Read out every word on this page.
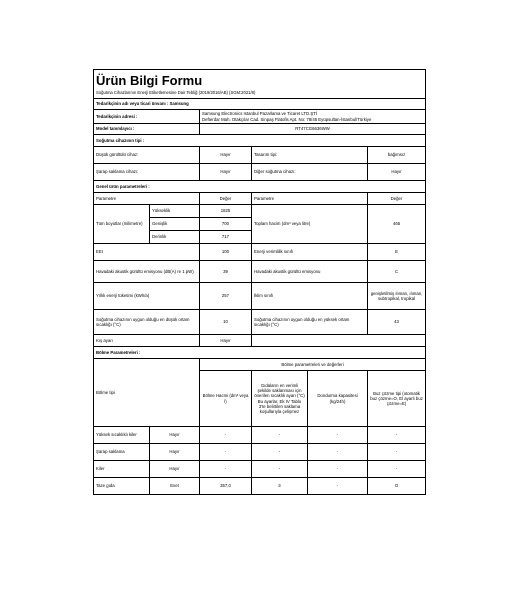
Ürün Bilgi Formu					
Soğutma Cihazlarının Enerji Etiketlemesine Dair Tebliğ (2019/2016/AB) (SGM:2021/8)					
Tedarikçinin adı veya ticari ünvanı : Samsung					
Tedarikçinin adresi :		Samsung Electronics Istanbul Pazarlama ve Ticaret LTD.ŞTİ
Defterdar Mah. Otakçılar Cad. Sinpaş Flatofis Apt. No: 78/46 Eyüpsultan-İstanbul/Türkiye			

Model tanımlayıcı :		RT47CG6636WW			
Soğutma cihazının tipi :					
Düşük gürültülü cihaz:		Hayır	Tasarım tipi:		bağımsız
Şarap saklama cihazı:		Hayır	Diğer soğutma cihazı:		Hayır
Genel ürün parametreleri :					
Parametre		Değer	Parametre		Değer
Tüm boyutlar (milimetre)	Yükseklik	1825	Toplam hacim (dm³ veya litre)		465
	Genişlik	700			
	Derinlik	717			
EEI		100	Enerji verimlilik sınıfı		E
Havadaki akustik gürültü emisyonu (dB(A) re 1 pW)		39	Havadaki akustik gürültü emisyonu		C
Yıllık enerji tüketimi (kWh/a)		257	İklim sınıfı		genişletilmiş ılıman, ılıman, subtropikal, tropikal
Soğutma cihazının uygun olduğu en düşük ortam sıcaklığı (°C)		10	Soğutma cihazının uygun olduğu en yüksek ortam sıcaklığı (°C)		43
Kış ayarı		Hayır			
Bölme Parametreleri :					
Bölme tipi		Bölme parametreleri ve değerleri			
		Bölme Hacmi (dm³ veya l)	Gıdaların en verimli şekilde saklanması için önerilen sıcaklık ayarı (°C) Bu ayarlar, Ek IV Tablo 3'te belirtilen saklama koşullarıyla çelişmez	Dondurma kapasitesi (kg/24h)	Buz çözme tipi (otomatik buz çözme=O, El ayarlı buz çözme=E)
Yüksek sıcaklıklı kiler	Hayır	-	-	-	-
Şarap saklama	Hayır	-	-	-	-
Kiler	Hayır	-	-	-	-
Taze gıda	Evet	357,0	3	-	O
